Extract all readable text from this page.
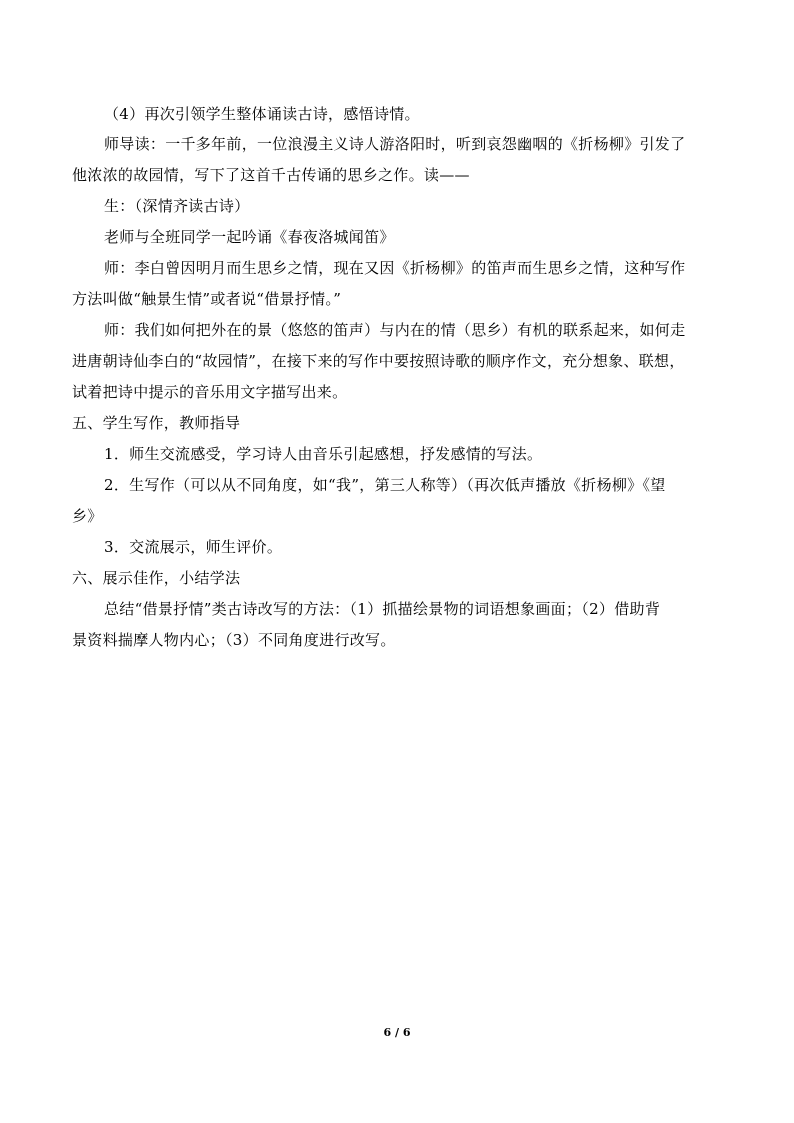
（4）再次引领学生整体诵读古诗，感悟诗情。
师导读：一千多年前，一位浪漫主义诗人游洛阳时，听到哀怨幽咽的《折杨柳》引发了
他浓浓的故园情，写下了这首千古传诵的思乡之作。读——
生：（深情齐读古诗）
老师与全班同学一起吟诵《春夜洛城闻笛》
师：李白曾因明月而生思乡之情，现在又因《折杨柳》的笛声而生思乡之情，这种写作
方法叫做“触景生情”或者说“借景抒情。”
师：我们如何把外在的景（悠悠的笛声）与内在的情（思乡）有机的联系起来，如何走
进唐朝诗仙李白的“故园情”，在接下来的写作中要按照诗歌的顺序作文，充分想象、联想，
试着把诗中提示的音乐用文字描写出来。
五、学生写作，教师指导
1．师生交流感受，学习诗人由音乐引起感想，抒发感情的写法。
2．生写作（可以从不同角度，如“我”，第三人称等）（再次低声播放《折杨柳》《望
乡》
3．交流展示，师生评价。
六、展示佳作，小结学法
总结“借景抒情”类古诗改写的方法：（1）抓描绘景物的词语想象画面；（2）借助背
景资料揣摩人物内心；（3）不同角度进行改写。
6 / 6
